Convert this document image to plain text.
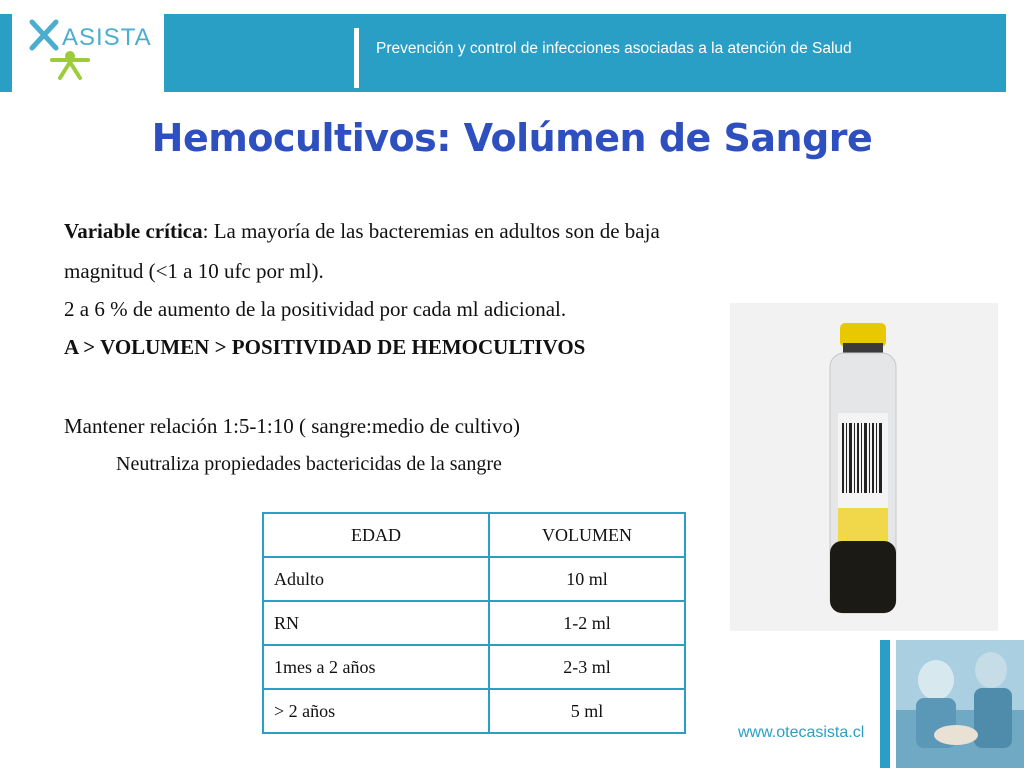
ASISTA	Prevención y control de infecciones asociadas a la atención de Salud
Hemocultivos: Volúmen de Sangre
Variable crítica: La mayoría de las bacteremias en adultos son de baja
magnitud (<1 a 10 ufc por ml).
2 a 6 % de aumento de la positividad por cada ml adicional.
A > VOLUMEN > POSITIVIDAD DE HEMOCULTIVOS
Mantener relación 1:5-1:10 ( sangre:medio de cultivo)
Neutraliza propiedades bactericidas de la sangre
EDAD	VOLUMEN
Adulto	10 ml
RN	1-2 ml
1mes a 2 años	2-3 ml
> 2 años	5 ml
www.otecasista.cl
